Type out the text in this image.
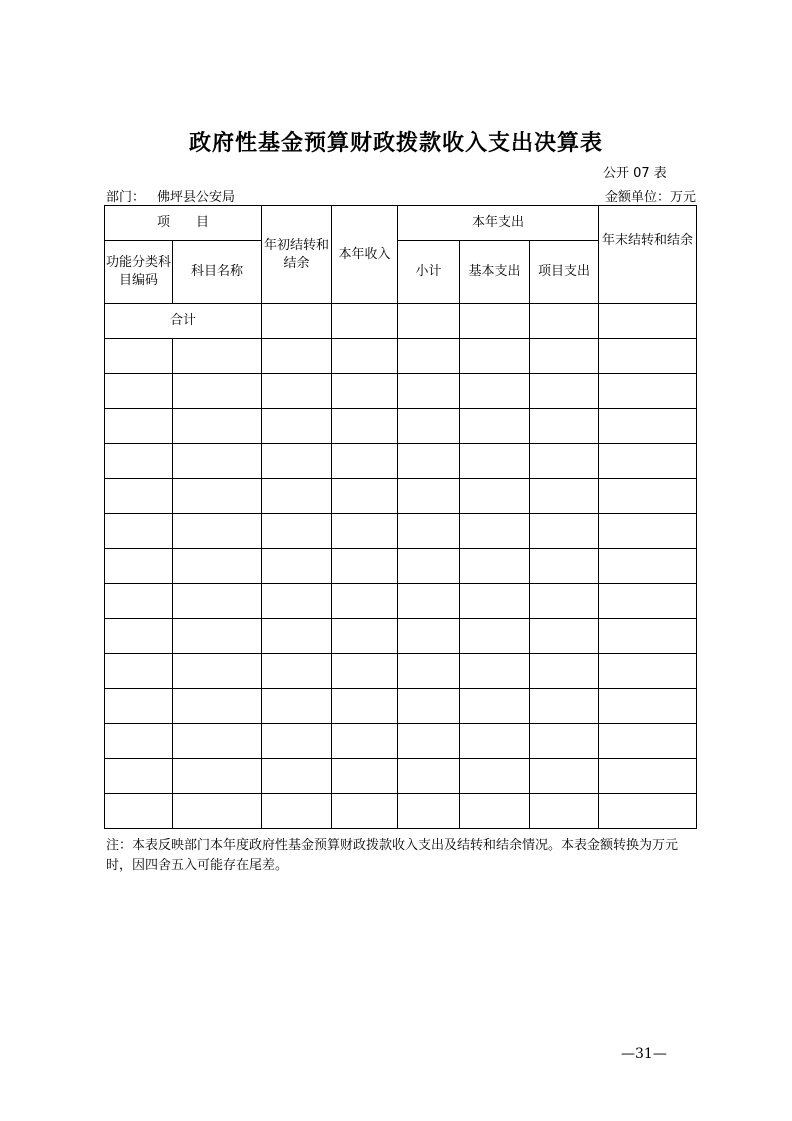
政府性基金预算财政拨款收入支出决算表
公开 07 表
部门： 佛坪县公安局	金额单位：万元
项　　目		年初结转和结余	本年收入	本年支出			年末结转和结余
功能分类科目编码	科目名称			小计	基本支出	项目支出	
合计							

注：本表反映部门本年度政府性基金预算财政拨款收入支出及结转和结余情况。本表金额转换为万元时，因四舍五入可能存在尾差。
—31—
